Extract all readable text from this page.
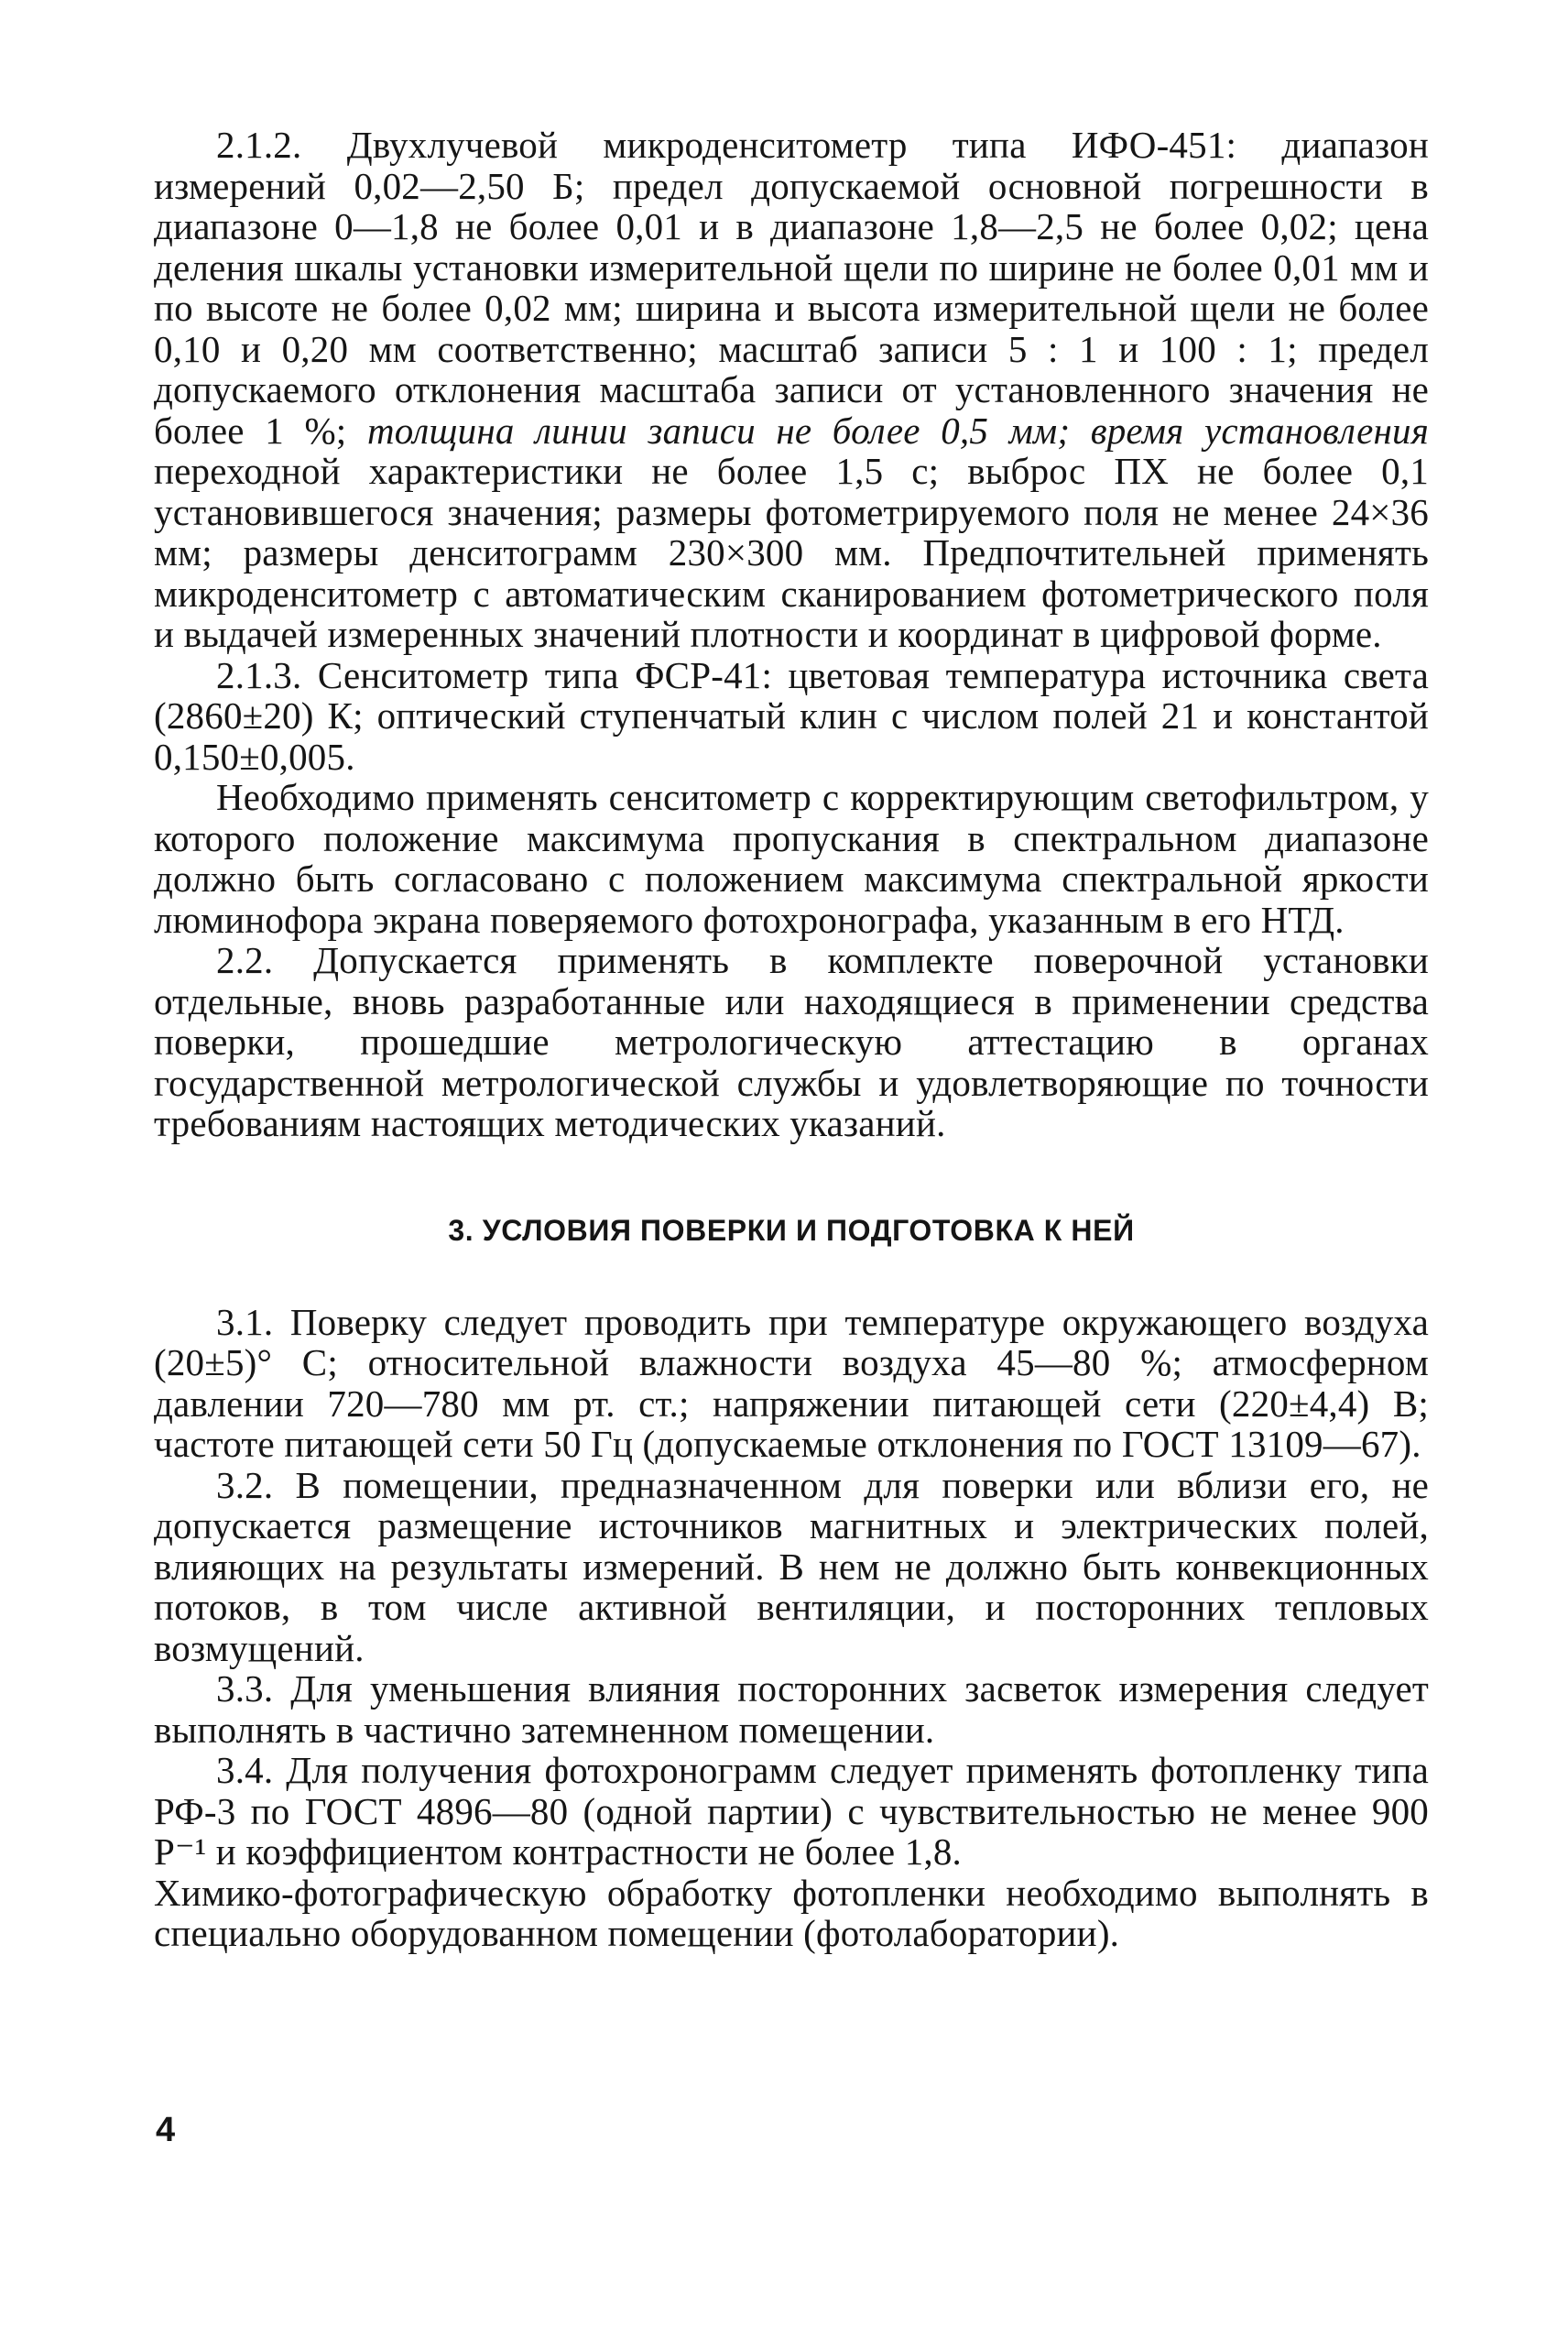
2.1.2. Двухлучевой микроденситометр типа ИФО-451: диапазон измерений 0,02—2,50 Б; предел допускаемой основной погрешности в диапазоне 0—1,8 не более 0,01 и в диапазоне 1,8—2,5 не более 0,02; цена деления шкалы установки измерительной щели по ширине не более 0,01 мм и по высоте не более 0,02 мм; ширина и высота измерительной щели не более 0,10 и 0,20 мм соответственно; масштаб записи 5 : 1 и 100 : 1; предел допускаемого отклонения масштаба записи от установленного значения не более 1 %; толщина линии записи не более 0,5 мм; время установления переходной характеристики не более 1,5 с; выброс ПХ не более 0,1 установившегося значения; размеры фотометрируемого поля не менее 24×36 мм; размеры денситограмм 230×300 мм. Предпочтительней применять микроденситометр с автоматическим сканированием фотометрического поля и выдачей измеренных значений плотности и координат в цифровой форме.

2.1.3. Сенситометр типа ФСР-41: цветовая температура источника света (2860±20) К; оптический ступенчатый клин с числом полей 21 и константой 0,150±0,005.

Необходимо применять сенситометр с корректирующим светофильтром, у которого положение максимума пропускания в спектральном диапазоне должно быть согласовано с положением максимума спектральной яркости люминофора экрана поверяемого фотохронографа, указанным в его НТД.

2.2. Допускается применять в комплекте поверочной установки отдельные, вновь разработанные или находящиеся в применении средства поверки, прошедшие метрологическую аттестацию в органах государственной метрологической службы и удовлетворяющие по точности требованиям настоящих методических указаний.

3. УСЛОВИЯ ПОВЕРКИ И ПОДГОТОВКА К НЕЙ

3.1. Поверку следует проводить при температуре окружающего воздуха (20±5)° С; относительной влажности воздуха 45—80 %; атмосферном давлении 720—780 мм рт. ст.; напряжении питающей сети (220±4,4) В; частоте питающей сети 50 Гц (допускаемые отклонения по ГОСТ 13109—67).

3.2. В помещении, предназначенном для поверки или вблизи его, не допускается размещение источников магнитных и электрических полей, влияющих на результаты измерений. В нем не должно быть конвекционных потоков, в том числе активной вентиляции, и посторонних тепловых возмущений.

3.3. Для уменьшения влияния посторонних засветок измерения следует выполнять в частично затемненном помещении.

3.4. Для получения фотохронограмм следует применять фотопленку типа РФ-3 по ГОСТ 4896—80 (одной партии) с чувствительностью не менее 900 Р⁻¹ и коэффициентом контрастности не более 1,8.

Химико-фотографическую обработку фотопленки необходимо выполнять в специально оборудованном помещении (фотолаборатории).

4
